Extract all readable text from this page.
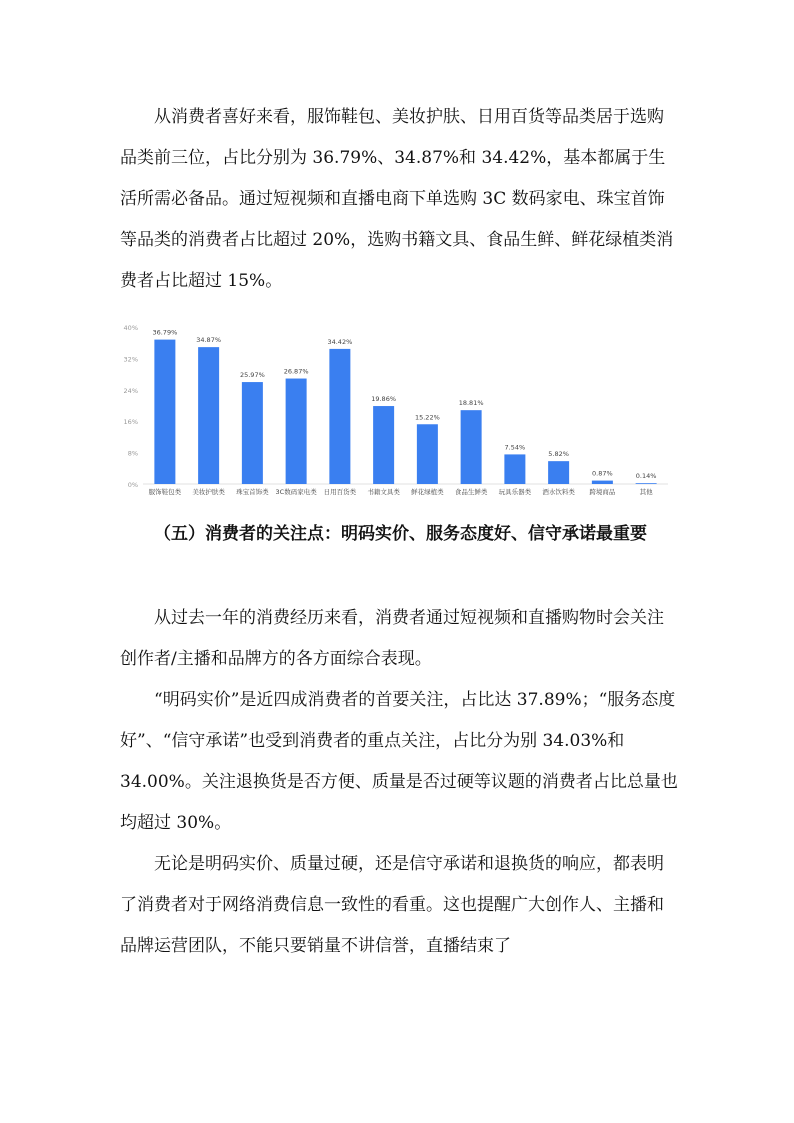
从消费者喜好来看，服饰鞋包、美妆护肤、日用百货等品类居于选购品类前三位，占比分别为 36.79%、34.87%和 34.42%，基本都属于生活所需必备品。通过短视频和直播电商下单选购 3C 数码家电、珠宝首饰等品类的消费者占比超过 20%，选购书籍文具、食品生鲜、鲜花绿植类消费者占比超过 15%。

0%
8%
16%
24%
32%
40%
36.79%
服饰鞋包类
34.87%
美妆护肤类
25.97%
珠宝首饰类
26.87%
3C数码家电类
34.42%
日用百货类
19.86%
书籍文具类
15.22%
鲜花绿植类
18.81%
食品生鲜类
7.54%
玩具乐器类
5.82%
酒水饮料类
0.87%
跨境商品
0.14%
其他

（五）消费者的关注点：明码实价、服务态度好、信守承诺最重要

从过去一年的消费经历来看，消费者通过短视频和直播购物时会关注创作者/主播和品牌方的各方面综合表现。

“明码实价”是近四成消费者的首要关注，占比达 37.89%；“服务态度好”、“信守承诺”也受到消费者的重点关注，占比分为别 34.03%和 34.00%。关注退换货是否方便、质量是否过硬等议题的消费者占比总量也均超过 30%。

无论是明码实价、质量过硬，还是信守承诺和退换货的响应，都表明了消费者对于网络消费信息一致性的看重。这也提醒广大创作人、主播和品牌运营团队，不能只要销量不讲信誉，直播结束了
